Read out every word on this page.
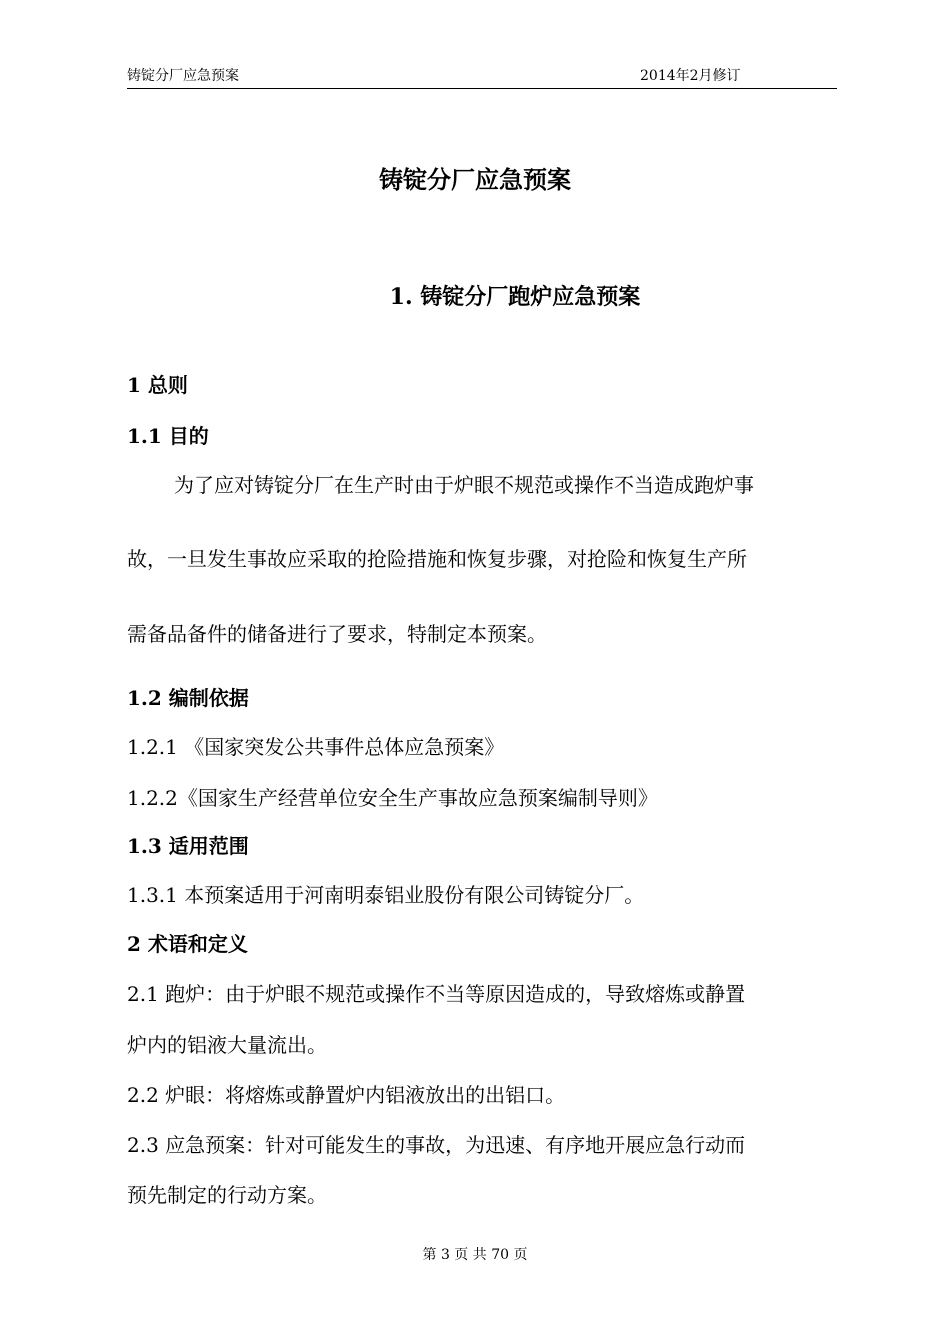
铸锭分厂应急预案	2014年2月修订
铸锭分厂应急预案
1. 铸锭分厂跑炉应急预案
1 总则
1.1 目的
为了应对铸锭分厂在生产时由于炉眼不规范或操作不当造成跑炉事
故，一旦发生事故应采取的抢险措施和恢复步骤，对抢险和恢复生产所
需备品备件的储备进行了要求，特制定本预案。
1.2 编制依据
1.2.1 《国家突发公共事件总体应急预案》
1.2.2《国家生产经营单位安全生产事故应急预案编制导则》
1.3 适用范围
1.3.1 本预案适用于河南明泰铝业股份有限公司铸锭分厂。
2 术语和定义
2.1 跑炉：由于炉眼不规范或操作不当等原因造成的，导致熔炼或静置
炉内的铝液大量流出。
2.2 炉眼：将熔炼或静置炉内铝液放出的出铝口。
2.3 应急预案：针对可能发生的事故，为迅速、有序地开展应急行动而
预先制定的行动方案。
第 3 页 共 70 页
